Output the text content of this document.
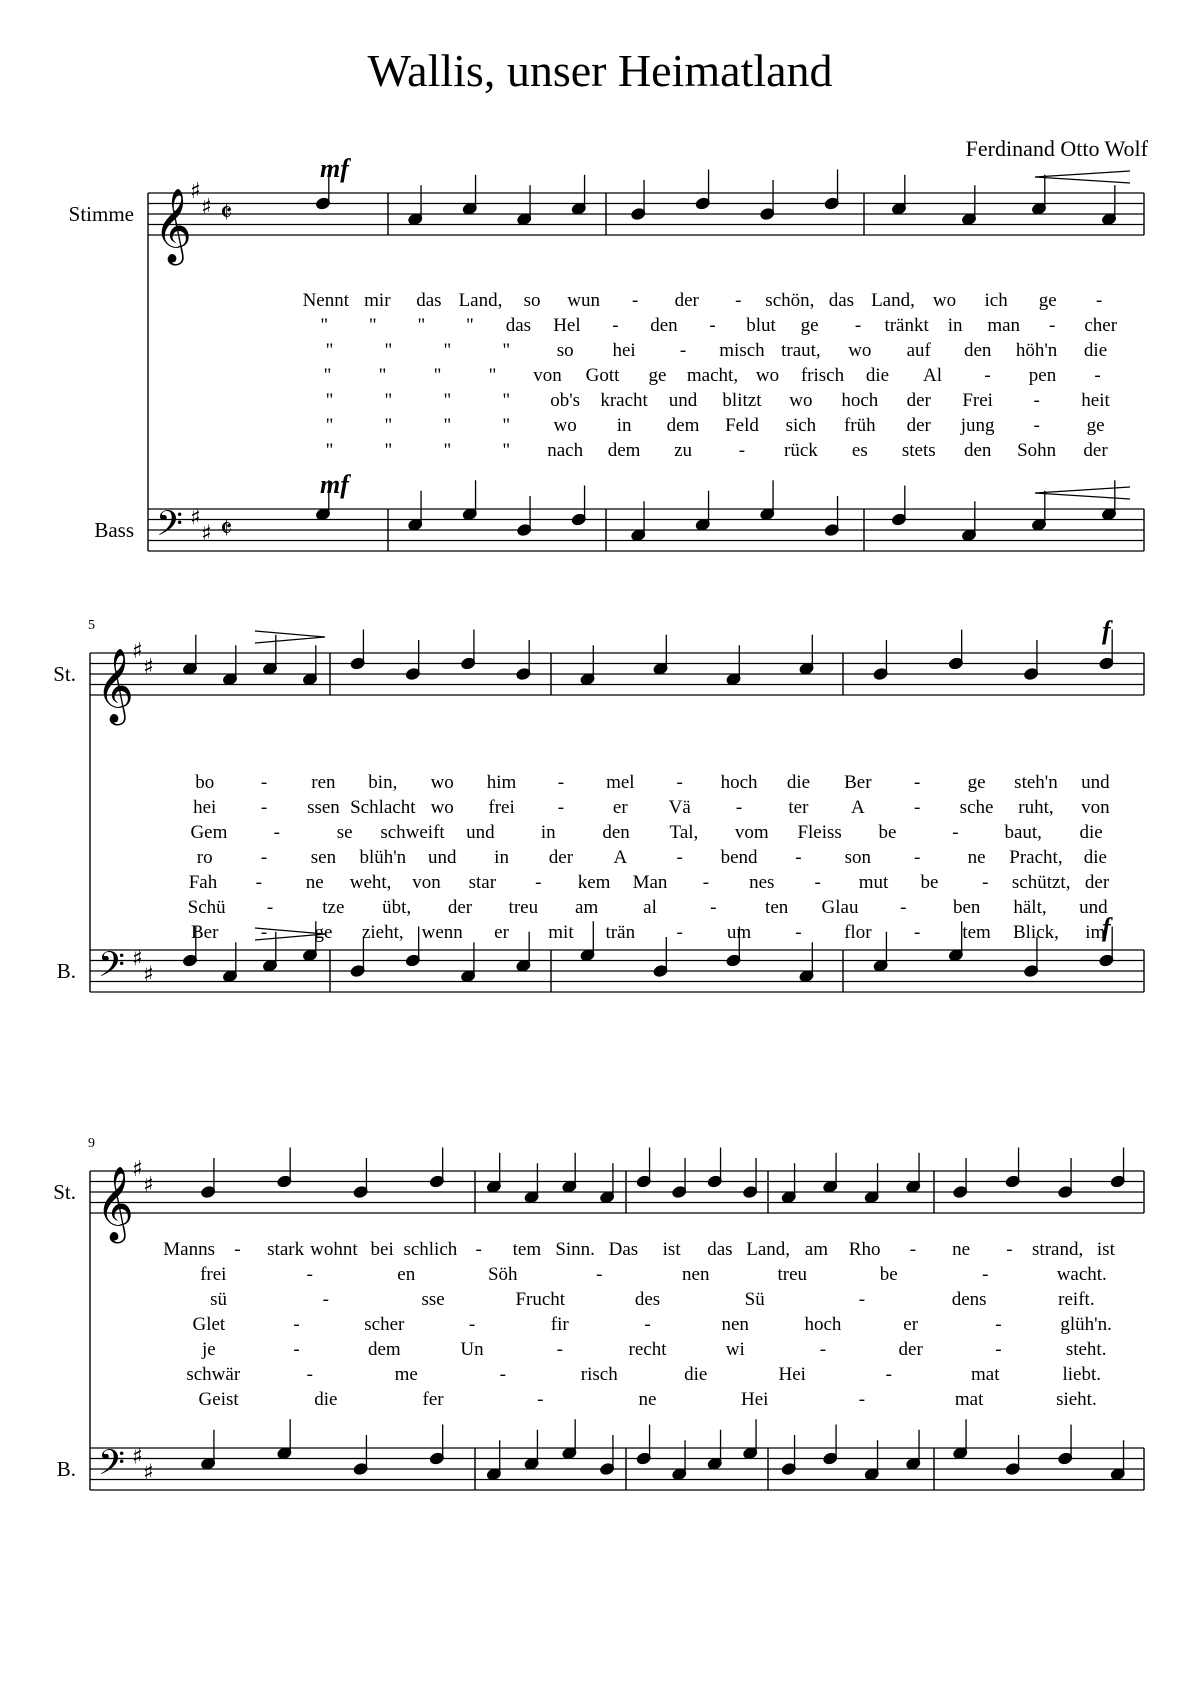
Wallis, unser Heimatland
Ferdinand Otto Wolf
Stimme
Bass
𝄞
𝄢
♯
♯
♯
♯
𝄵
𝄵
St.
B.
𝄞
𝄢
♯
♯
♯
♯
5
St.
B.
𝄞
𝄢
♯
♯
♯
♯
9
mf
mf
f
f
Nennt mir das Land, so wun - der - schön, das Land, wo ich ge -
" " " " das Hel - den - blut ge - tränkt in man - cher
"	"	"	" so hei - misch traut, wo auf den höh'n die
" " " " von Gott ge macht, wo frisch die Al - pen -
"	"	"	" ob's kracht und blitzt wo hoch der Frei - heit
"	"	"	" wo in dem Feld sich früh der jung - ge
"	"	"	" nach dem zu - rück es stets den Sohn der
bo - ren bin, wo him - mel - hoch die Ber - ge steh'n und
hei - ssen Schlacht wo frei -	er Vä - ter A	- sche ruht, von
Gem -	se schweift und in den Tal, vom Fleiss be	- baut, die
ro	- sen blüh'n und in der A	- bend - son - ne Pracht, die
Fah - ne weht, von star - kem Man - nes - mut be - schützt, der
Schü -	tze übt, der treu am al	-	ten Glau - ben hält, und
Ber - ge zieht, wenn er mit trän - um - flor - tem Blick, im
Manns - stark wohnt bei schlich - tem Sinn. Das ist das Land, am Rho - ne - strand, ist
frei	-	en	Söh	-	nen	treu	be	-	wacht.
sü	-	sse	Frucht	des	Sü	-	dens	reift.
Glet	-	scher	-	fir	-	nen	hoch	er	-	glüh'n.
je	-	dem	Un	-	recht	wi	-	der	-	steht.
schwär	-	me	-	risch	die	Hei	-	mat	liebt.
Geist	die	fer	-	ne	Hei	-	mat	sieht.
